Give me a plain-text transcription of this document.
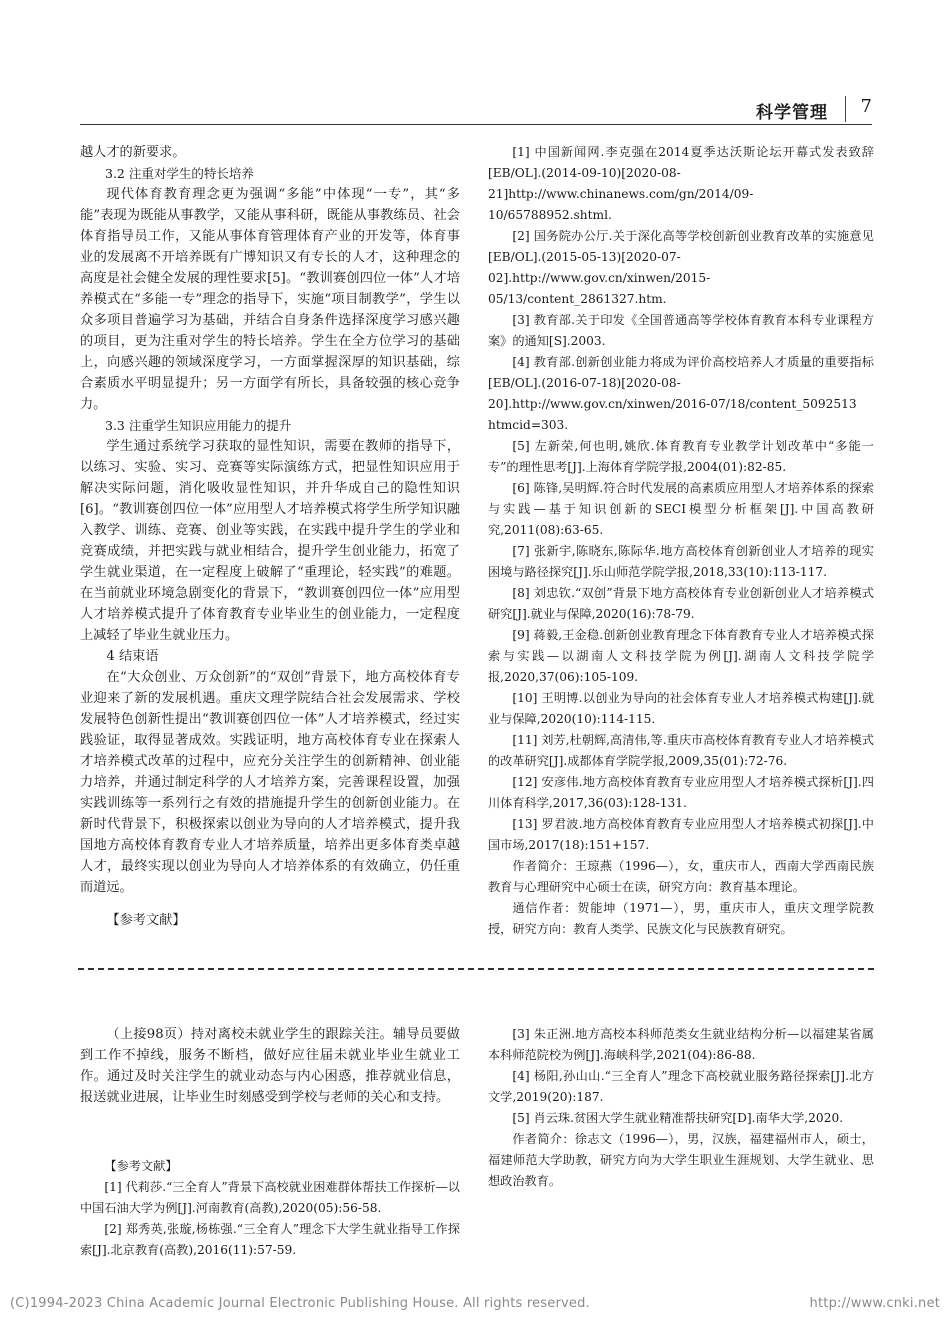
科学管理 7

越人才的新要求。

3.2 注重对学生的特长培养

现代体育教育理念更为强调“多能”中体现“一专”，其“多能”表现为既能从事教学，又能从事科研，既能从事教练员、社会体育指导员工作，又能从事体育管理体育产业的开发等，体育事业的发展离不开培养既有广博知识又有专长的人才，这种理念的高度是社会健全发展的理性要求[5]。“教训赛创四位一体”人才培养模式在“多能一专”理念的指导下，实施“项目制教学”，学生以众多项目普遍学习为基础，并结合自身条件选择深度学习感兴趣的项目，更为注重对学生的特长培养。学生在全方位学习的基础上，向感兴趣的领域深度学习，一方面掌握深厚的知识基础，综合素质水平明显提升；另一方面学有所长，具备较强的核心竞争力。

3.3 注重学生知识应用能力的提升

学生通过系统学习获取的显性知识，需要在教师的指导下，以练习、实验、实习、竞赛等实际演练方式，把显性知识应用于解决实际问题，消化吸收显性知识，并升华成自己的隐性知识[6]。“教训赛创四位一体”应用型人才培养模式将学生所学知识融入教学、训练、竞赛、创业等实践，在实践中提升学生的学业和竞赛成绩，并把实践与就业相结合，提升学生创业能力，拓宽了学生就业渠道，在一定程度上破解了“重理论，轻实践”的难题。在当前就业环境急剧变化的背景下，“教训赛创四位一体”应用型人才培养模式提升了体育教育专业毕业生的创业能力，一定程度上减轻了毕业生就业压力。

4 结束语

在“大众创业、万众创新”的“双创”背景下，地方高校体育专业迎来了新的发展机遇。重庆文理学院结合社会发展需求、学校发展特色创新性提出“教训赛创四位一体”人才培养模式，经过实践验证，取得显著成效。实践证明，地方高校体育专业在探索人才培养模式改革的过程中，应充分关注学生的创新精神、创业能力培养，并通过制定科学的人才培养方案，完善课程设置，加强实践训练等一系列行之有效的措施提升学生的创新创业能力。在新时代背景下，积极探索以创业为导向的人才培养模式，提升我国地方高校体育教育专业人才培养质量，培养出更多体育类卓越人才，最终实现以创业为导向人才培养体系的有效确立，仍任重而道远。

【参考文献】

[1] 中国新闻网.李克强在2014夏季达沃斯论坛开幕式发表致辞[EB/OL].(2014-09-10)[2020-08-21]http://www.chinanews.com/gn/2014/09-10/65788952.shtml.

[2] 国务院办公厅.关于深化高等学校创新创业教育改革的实施意见[EB/OL].(2015-05-13)[2020-07-02].http://www.gov.cn/xinwen/2015-05/13/content_2861327.htm.

[3] 教育部.关于印发《全国普通高等学校体育教育本科专业课程方案》的通知[S].2003.

[4] 教育部.创新创业能力将成为评价高校培养人才质量的重要指标[EB/OL].(2016-07-18)[2020-08-20].http://www.gov.cn/xinwen/2016-07/18/content_5092513 htmcid=303.

[5] 左新荣,何也明,姚欣.体育教育专业教学计划改革中“多能一专”的理性思考[J].上海体育学院学报,2004(01):82-85.

[6] 陈锋,吴明辉.符合时代发展的高素质应用型人才培养体系的探索与实践—基于知识创新的SECI模型分析框架[J].中国高教研究,2011(08):63-65.

[7] 张新宇,陈晓东,陈际华.地方高校体育创新创业人才培养的现实困境与路径探究[J].乐山师范学院学报,2018,33(10):113-117.

[8] 刘忠钦.“双创”背景下地方高校体育专业创新创业人才培养模式研究[J].就业与保障,2020(16):78-79.

[9] 蒋毅,王金稳.创新创业教育理念下体育教育专业人才培养模式探索与实践—以湖南人文科技学院为例[J].湖南人文科技学院学报,2020,37(06):105-109.

[10] 王明博.以创业为导向的社会体育专业人才培养模式构建[J].就业与保障,2020(10):114-115.

[11] 刘芳,杜朝辉,高清伟,等.重庆市高校体育教育专业人才培养模式的改革研究[J].成都体育学院学报,2009,35(01):72-76.

[12] 安彦伟.地方高校体育教育专业应用型人才培养模式探析[J].四川体育科学,2017,36(03):128-131.

[13] 罗君波.地方高校体育教育专业应用型人才培养模式初探[J].中国市场,2017(18):151+157.

作者简介：王琼燕（1996—），女，重庆市人，西南大学西南民族教育与心理研究中心硕士在读，研究方向：教育基本理论。

通信作者：贺能坤（1971—），男，重庆市人，重庆文理学院教授，研究方向：教育人类学、民族文化与民族教育研究。

（上接98页）持对离校未就业学生的跟踪关注。辅导员要做到工作不掉线，服务不断档，做好应往届未就业毕业生就业工作。通过及时关注学生的就业动态与内心困惑，推荐就业信息，报送就业进展，让毕业生时刻感受到学校与老师的关心和支持。

【参考文献】

[1] 代莉莎.“三全育人”背景下高校就业困难群体帮扶工作探析—以中国石油大学为例[J].河南教育(高教),2020(05):56-58.

[2] 郑秀英,张璇,杨栋强.“三全育人”理念下大学生就业指导工作探索[J].北京教育(高教),2016(11):57-59.

[3] 朱正洲.地方高校本科师范类女生就业结构分析—以福建某省属本科师范院校为例[J].海峡科学,2021(04):86-88.

[4] 杨阳,孙山山.“三全育人”理念下高校就业服务路径探索[J].北方文学,2019(20):187.

[5] 肖云珠.贫困大学生就业精准帮扶研究[D].南华大学,2020.

作者简介：徐志文（1996—），男，汉族，福建福州市人，硕士，福建师范大学助教，研究方向为大学生职业生涯规划、大学生就业、思想政治教育。

(C)1994-2023 China Academic Journal Electronic Publishing House. All rights reserved.	http://www.cnki.net
